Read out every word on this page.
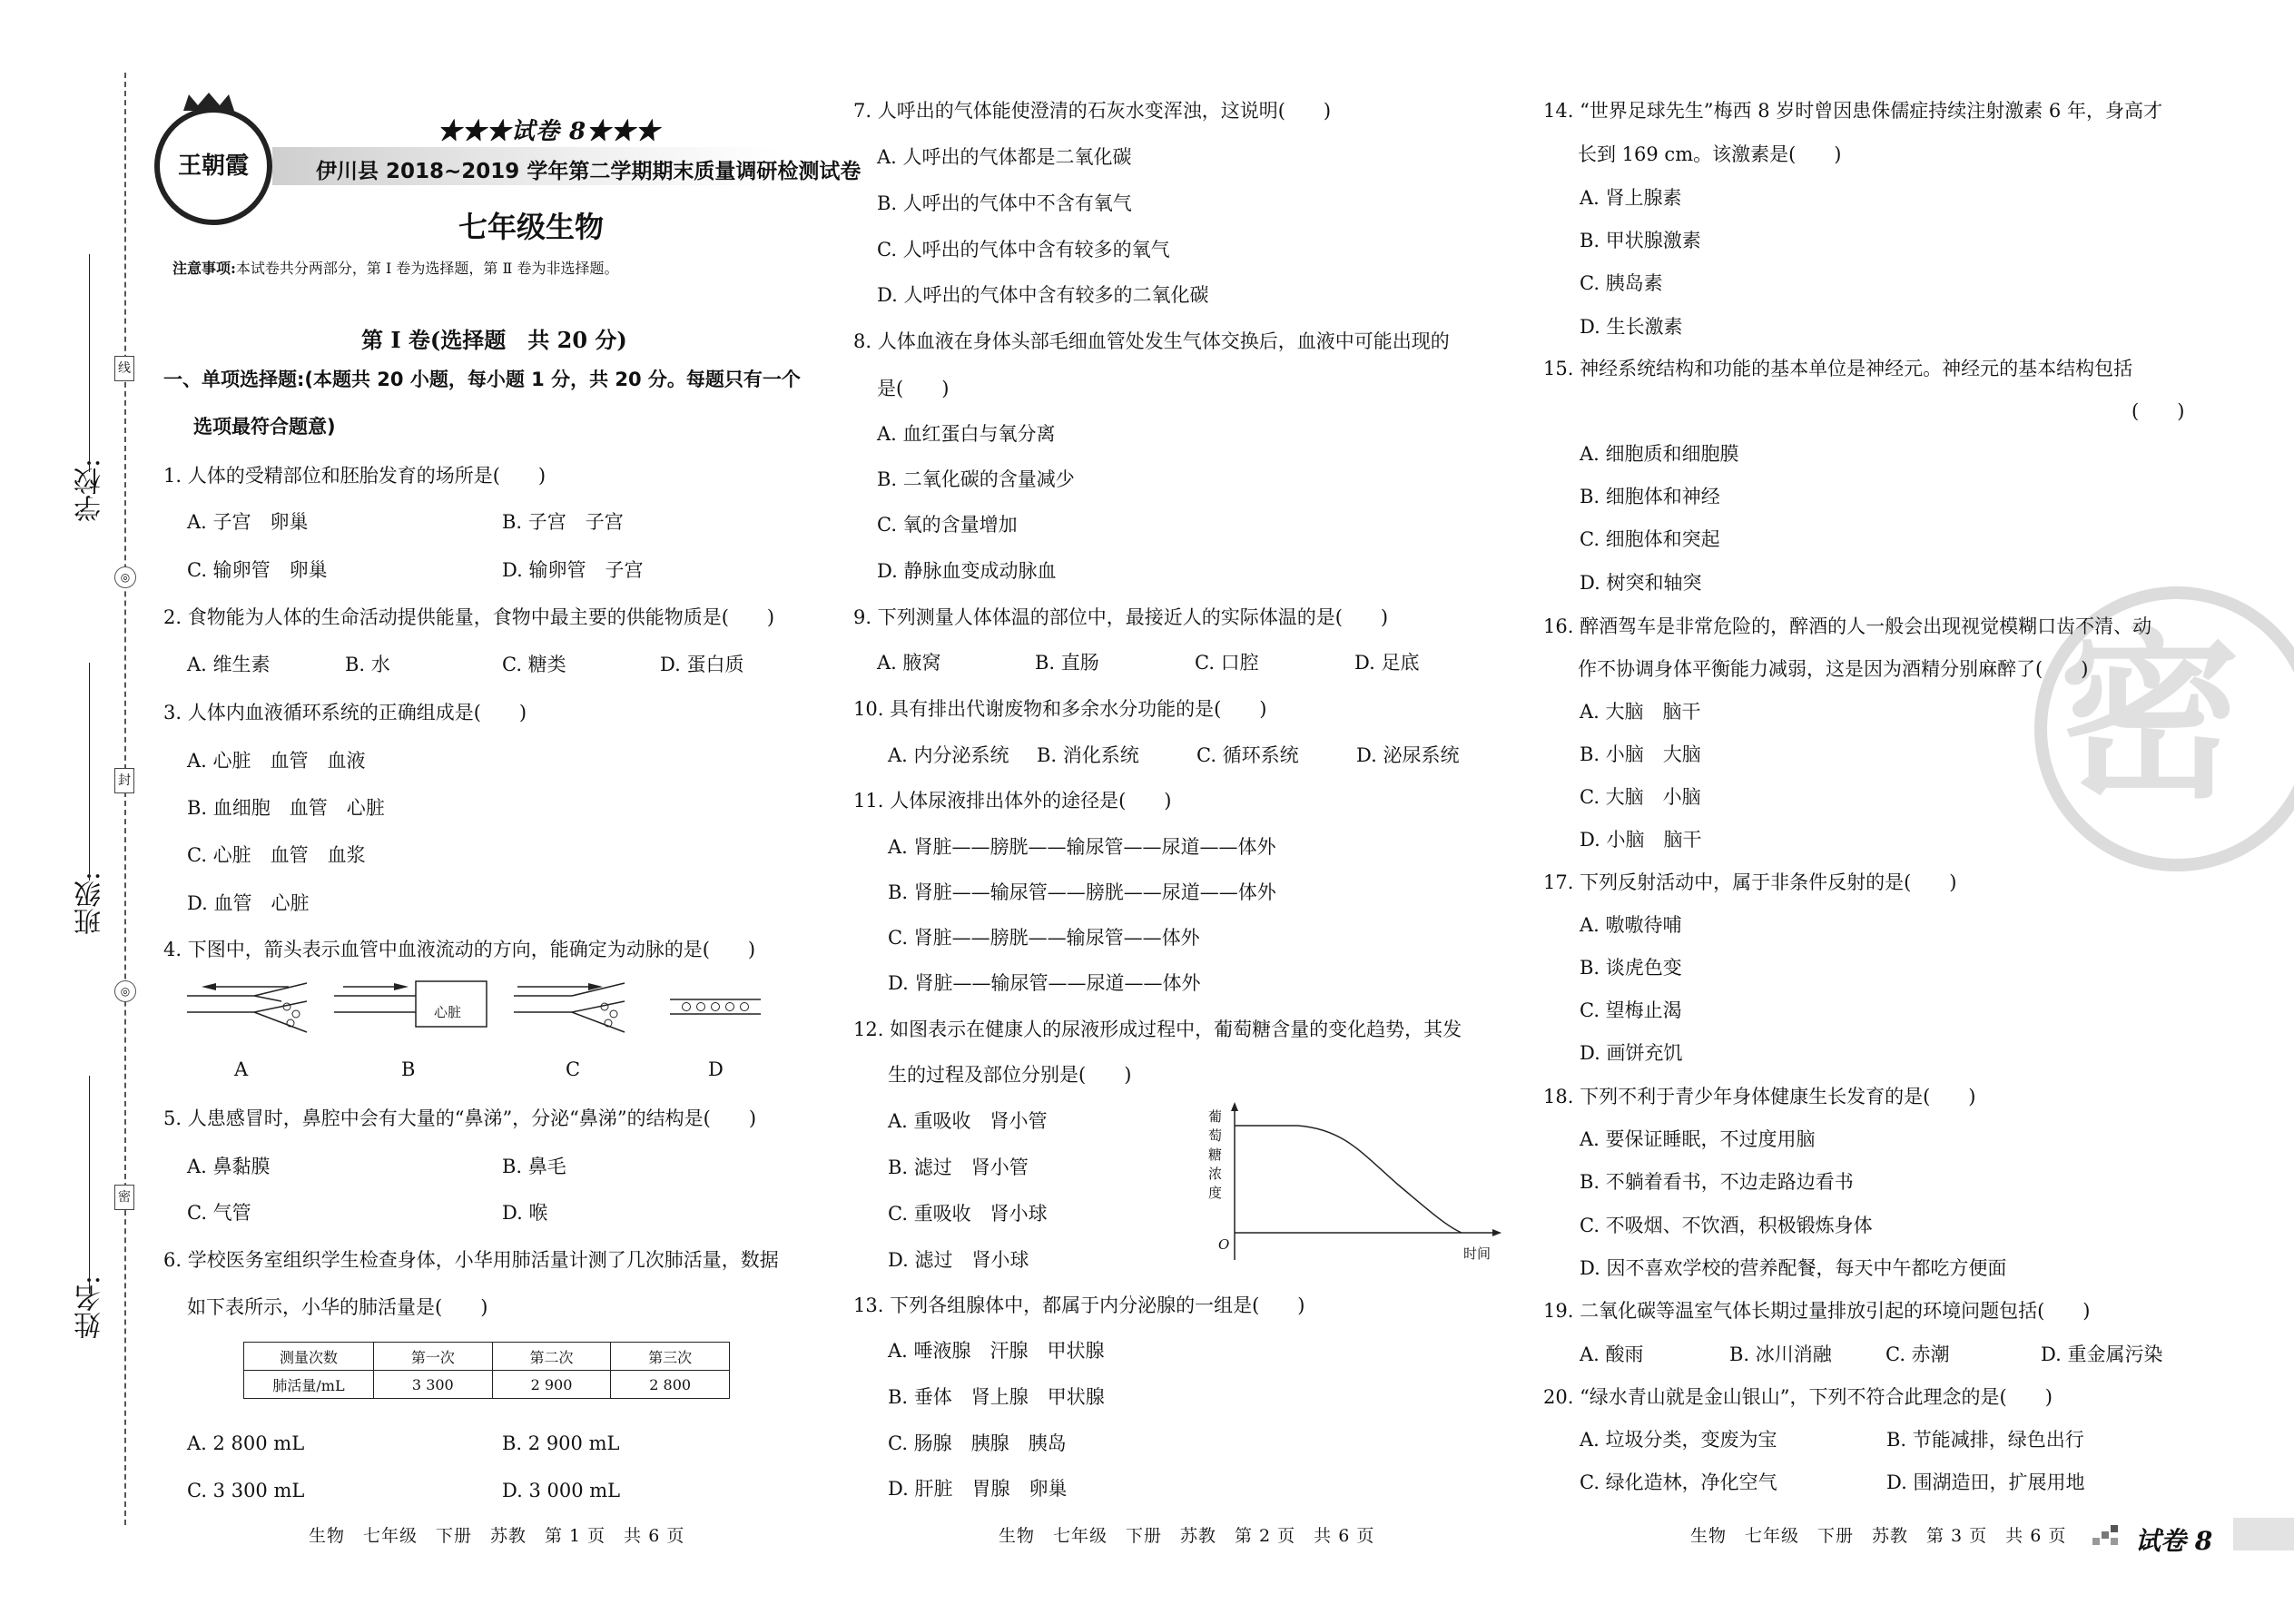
学校:
班级:
姓名:
线
封
密
◎
◎
王朝霞
★★★试卷 8★★★
伊川县 2018~2019 学年第二学期期末质量调研检测试卷
七年级生物
注意事项:本试卷共分两部分，第 Ⅰ 卷为选择题，第 Ⅱ 卷为非选择题。
第 Ⅰ 卷(选择题　共 20 分)
一、单项选择题:(本题共 20 小题，每小题 1 分，共 20 分。每题只有一个
选项最符合题意)
1. 人体的受精部位和胚胎发育的场所是(　　)
A. 子宫　卵巢	B. 子宫　子宫
C. 输卵管　卵巢	D. 输卵管　子宫
2. 食物能为人体的生命活动提供能量，食物中最主要的供能物质是(　　)
A. 维生素	B. 水	C. 糖类	D. 蛋白质
3. 人体内血液循环系统的正确组成是(　　)
A. 心脏　血管　血液
B. 血细胞　血管　心脏
C. 心脏　血管　血浆
D. 血管　心脏
4. 下图中，箭头表示血管中血液流动的方向，能确定为动脉的是(　　)
心脏
A	B	C	D
5. 人患感冒时，鼻腔中会有大量的“鼻涕”，分泌“鼻涕”的结构是(　　)
A. 鼻黏膜	B. 鼻毛
C. 气管	D. 喉
6. 学校医务室组织学生检查身体，小华用肺活量计测了几次肺活量，数据
如下表所示，小华的肺活量是(　　)
测量次数	第一次	第二次	第三次
肺活量/mL	3 300	2 900	2 800
A. 2 800 mL	B. 2 900 mL
C. 3 300 mL	D. 3 000 mL
7. 人呼出的气体能使澄清的石灰水变浑浊，这说明(　　)
A. 人呼出的气体都是二氧化碳
B. 人呼出的气体中不含有氧气
C. 人呼出的气体中含有较多的氧气
D. 人呼出的气体中含有较多的二氧化碳
8. 人体血液在身体头部毛细血管处发生气体交换后，血液中可能出现的
是(　　)
A. 血红蛋白与氧分离
B. 二氧化碳的含量减少
C. 氧的含量增加
D. 静脉血变成动脉血
9. 下列测量人体体温的部位中，最接近人的实际体温的是(　　)
A. 腋窝	B. 直肠	C. 口腔	D. 足底
10. 具有排出代谢废物和多余水分功能的是(　　)
A. 内分泌系统 B. 消化系统	C. 循环系统	D. 泌尿系统
11. 人体尿液排出体外的途径是(　　)
A. 肾脏——膀胱——输尿管——尿道——体外
B. 肾脏——输尿管——膀胱——尿道——体外
C. 肾脏——膀胱——输尿管——体外
D. 肾脏——输尿管——尿道——体外
12. 如图表示在健康人的尿液形成过程中，葡萄糖含量的变化趋势，其发
生的过程及部位分别是(　　)
A. 重吸收　肾小管
B. 滤过　肾小管
C. 重吸收　肾小球
D. 滤过　肾小球
葡萄糖浓度
O
时间
13. 下列各组腺体中，都属于内分泌腺的一组是(　　)
A. 唾液腺　汗腺　甲状腺
B. 垂体　肾上腺　甲状腺
C. 肠腺　胰腺　胰岛
D. 肝脏　胃腺　卵巢
14. “世界足球先生”梅西 8 岁时曾因患侏儒症持续注射激素 6 年，身高才
长到 169 cm。该激素是(　　)
A. 肾上腺素
B. 甲状腺激素
C. 胰岛素
D. 生长激素
15. 神经系统结构和功能的基本单位是神经元。神经元的基本结构包括
(　　)
A. 细胞质和细胞膜
B. 细胞体和神经
C. 细胞体和突起
D. 树突和轴突
密
16. 醉酒驾车是非常危险的，醉酒的人一般会出现视觉模糊口齿不清、动
作不协调身体平衡能力减弱，这是因为酒精分别麻醉了(　　)
A. 大脑　脑干
B. 小脑　大脑
C. 大脑　小脑
D. 小脑　脑干
17. 下列反射活动中，属于非条件反射的是(　　)
A. 嗷嗷待哺
B. 谈虎色变
C. 望梅止渴
D. 画饼充饥
18. 下列不利于青少年身体健康生长发育的是(　　)
A. 要保证睡眠，不过度用脑
B. 不躺着看书，不边走路边看书
C. 不吸烟、不饮酒，积极锻炼身体
D. 因不喜欢学校的营养配餐，每天中午都吃方便面
19. 二氧化碳等温室气体长期过量排放引起的环境问题包括(　　)
A. 酸雨	B. 冰川消融	C. 赤潮	D. 重金属污染
20. “绿水青山就是金山银山”，下列不符合此理念的是(　　)
A. 垃圾分类，变废为宝	B. 节能减排，绿色出行
C. 绿化造林，净化空气	D. 围湖造田，扩展用地
生物　七年级　下册　苏教　第 1 页　共 6 页	生物　七年级　下册　苏教　第 2 页　共 6 页	生物　七年级　下册　苏教　第 3 页　共 6 页	试卷 8
